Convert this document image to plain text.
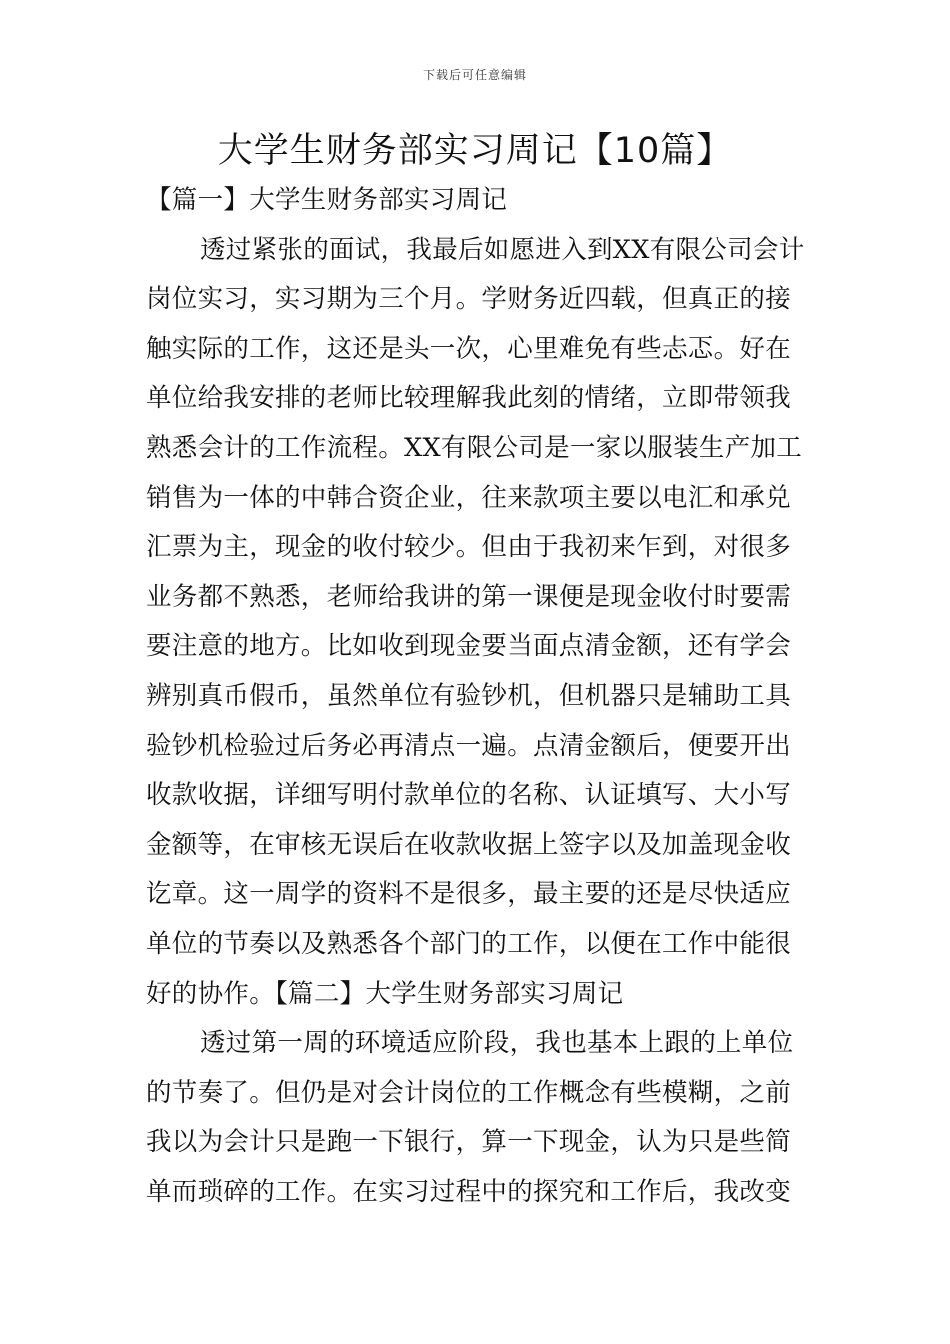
下载后可任意编辑
大学生财务部实习周记【10篇】
【篇一】大学生财务部实习周记
透过紧张的面试，我最后如愿进入到XX有限公司会计
岗位实习，实习期为三个月。学财务近四载，但真正的接
触实际的工作，这还是头一次，心里难免有些忐忑。好在
单位给我安排的老师比较理解我此刻的情绪，立即带领我
熟悉会计的工作流程。XX有限公司是一家以服装生产加工
销售为一体的中韩合资企业，往来款项主要以电汇和承兑
汇票为主，现金的收付较少。但由于我初来乍到，对很多
业务都不熟悉，老师给我讲的第一课便是现金收付时要需
要注意的地方。比如收到现金要当面点清金额，还有学会
辨别真币假币，虽然单位有验钞机，但机器只是辅助工具
验钞机检验过后务必再清点一遍。点清金额后，便要开出
收款收据，详细写明付款单位的名称、认证填写、大小写
金额等，在审核无误后在收款收据上签字以及加盖现金收
讫章。这一周学的资料不是很多，最主要的还是尽快适应
单位的节奏以及熟悉各个部门的工作，以便在工作中能很
好的协作。【篇二】大学生财务部实习周记
透过第一周的环境适应阶段，我也基本上跟的上单位
的节奏了。但仍是对会计岗位的工作概念有些模糊，之前
我以为会计只是跑一下银行，算一下现金，认为只是些简
单而琐碎的工作。在实习过程中的探究和工作后，我改变
